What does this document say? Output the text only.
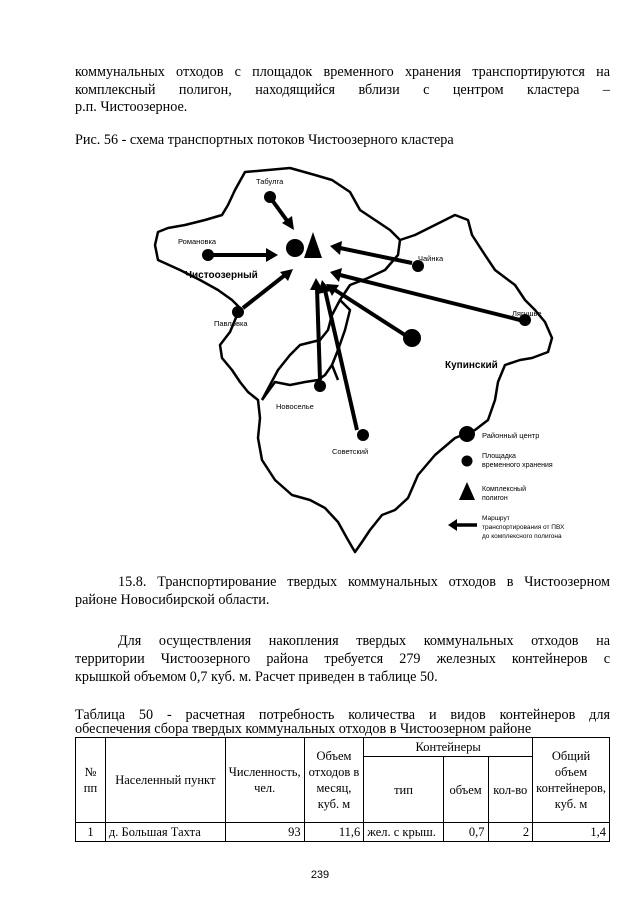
коммунальных отходов с площадок временного хранения транспортируются на
комплексный полигон, находящийся вблизи с центром кластера –
р.п. Чистоозерное.
Рис. 56 - схема транспортных потоков Чистоозерного кластера
Районный центр
Площадка
временного хранения
Комплексный
полигон
Маршрут
транспортирования от ПВХ
до комплексного полигона
Табулга
Романовка
Чистоозерный
Чайнка
Павловка
Лягушье
Купинский
Новоселье
Советский
15.8. Транспортирование твердых коммунальных отходов в Чистоозерном
районе Новосибирской области.
Для осуществления накопления твердых коммунальных отходов на
территории Чистоозерного района требуется 279 железных контейнеров с
крышкой объемом 0,7 куб. м. Расчет приведен в таблице 50.
Таблица 50 - расчетная потребность количества и видов контейнеров для
обеспечения сбора твердых коммунальных отходов в Чистоозерном районе
№ пп	Населенный пункт	Численность, чел.	Объем отходов в месяц, куб. м	Контейнеры			Общий объем контейнеров, куб. м
				тип	объем	кол-во	
1	д. Большая Тахта	93	11,6	жел. с крыш.	0,7	2	1,4
239
